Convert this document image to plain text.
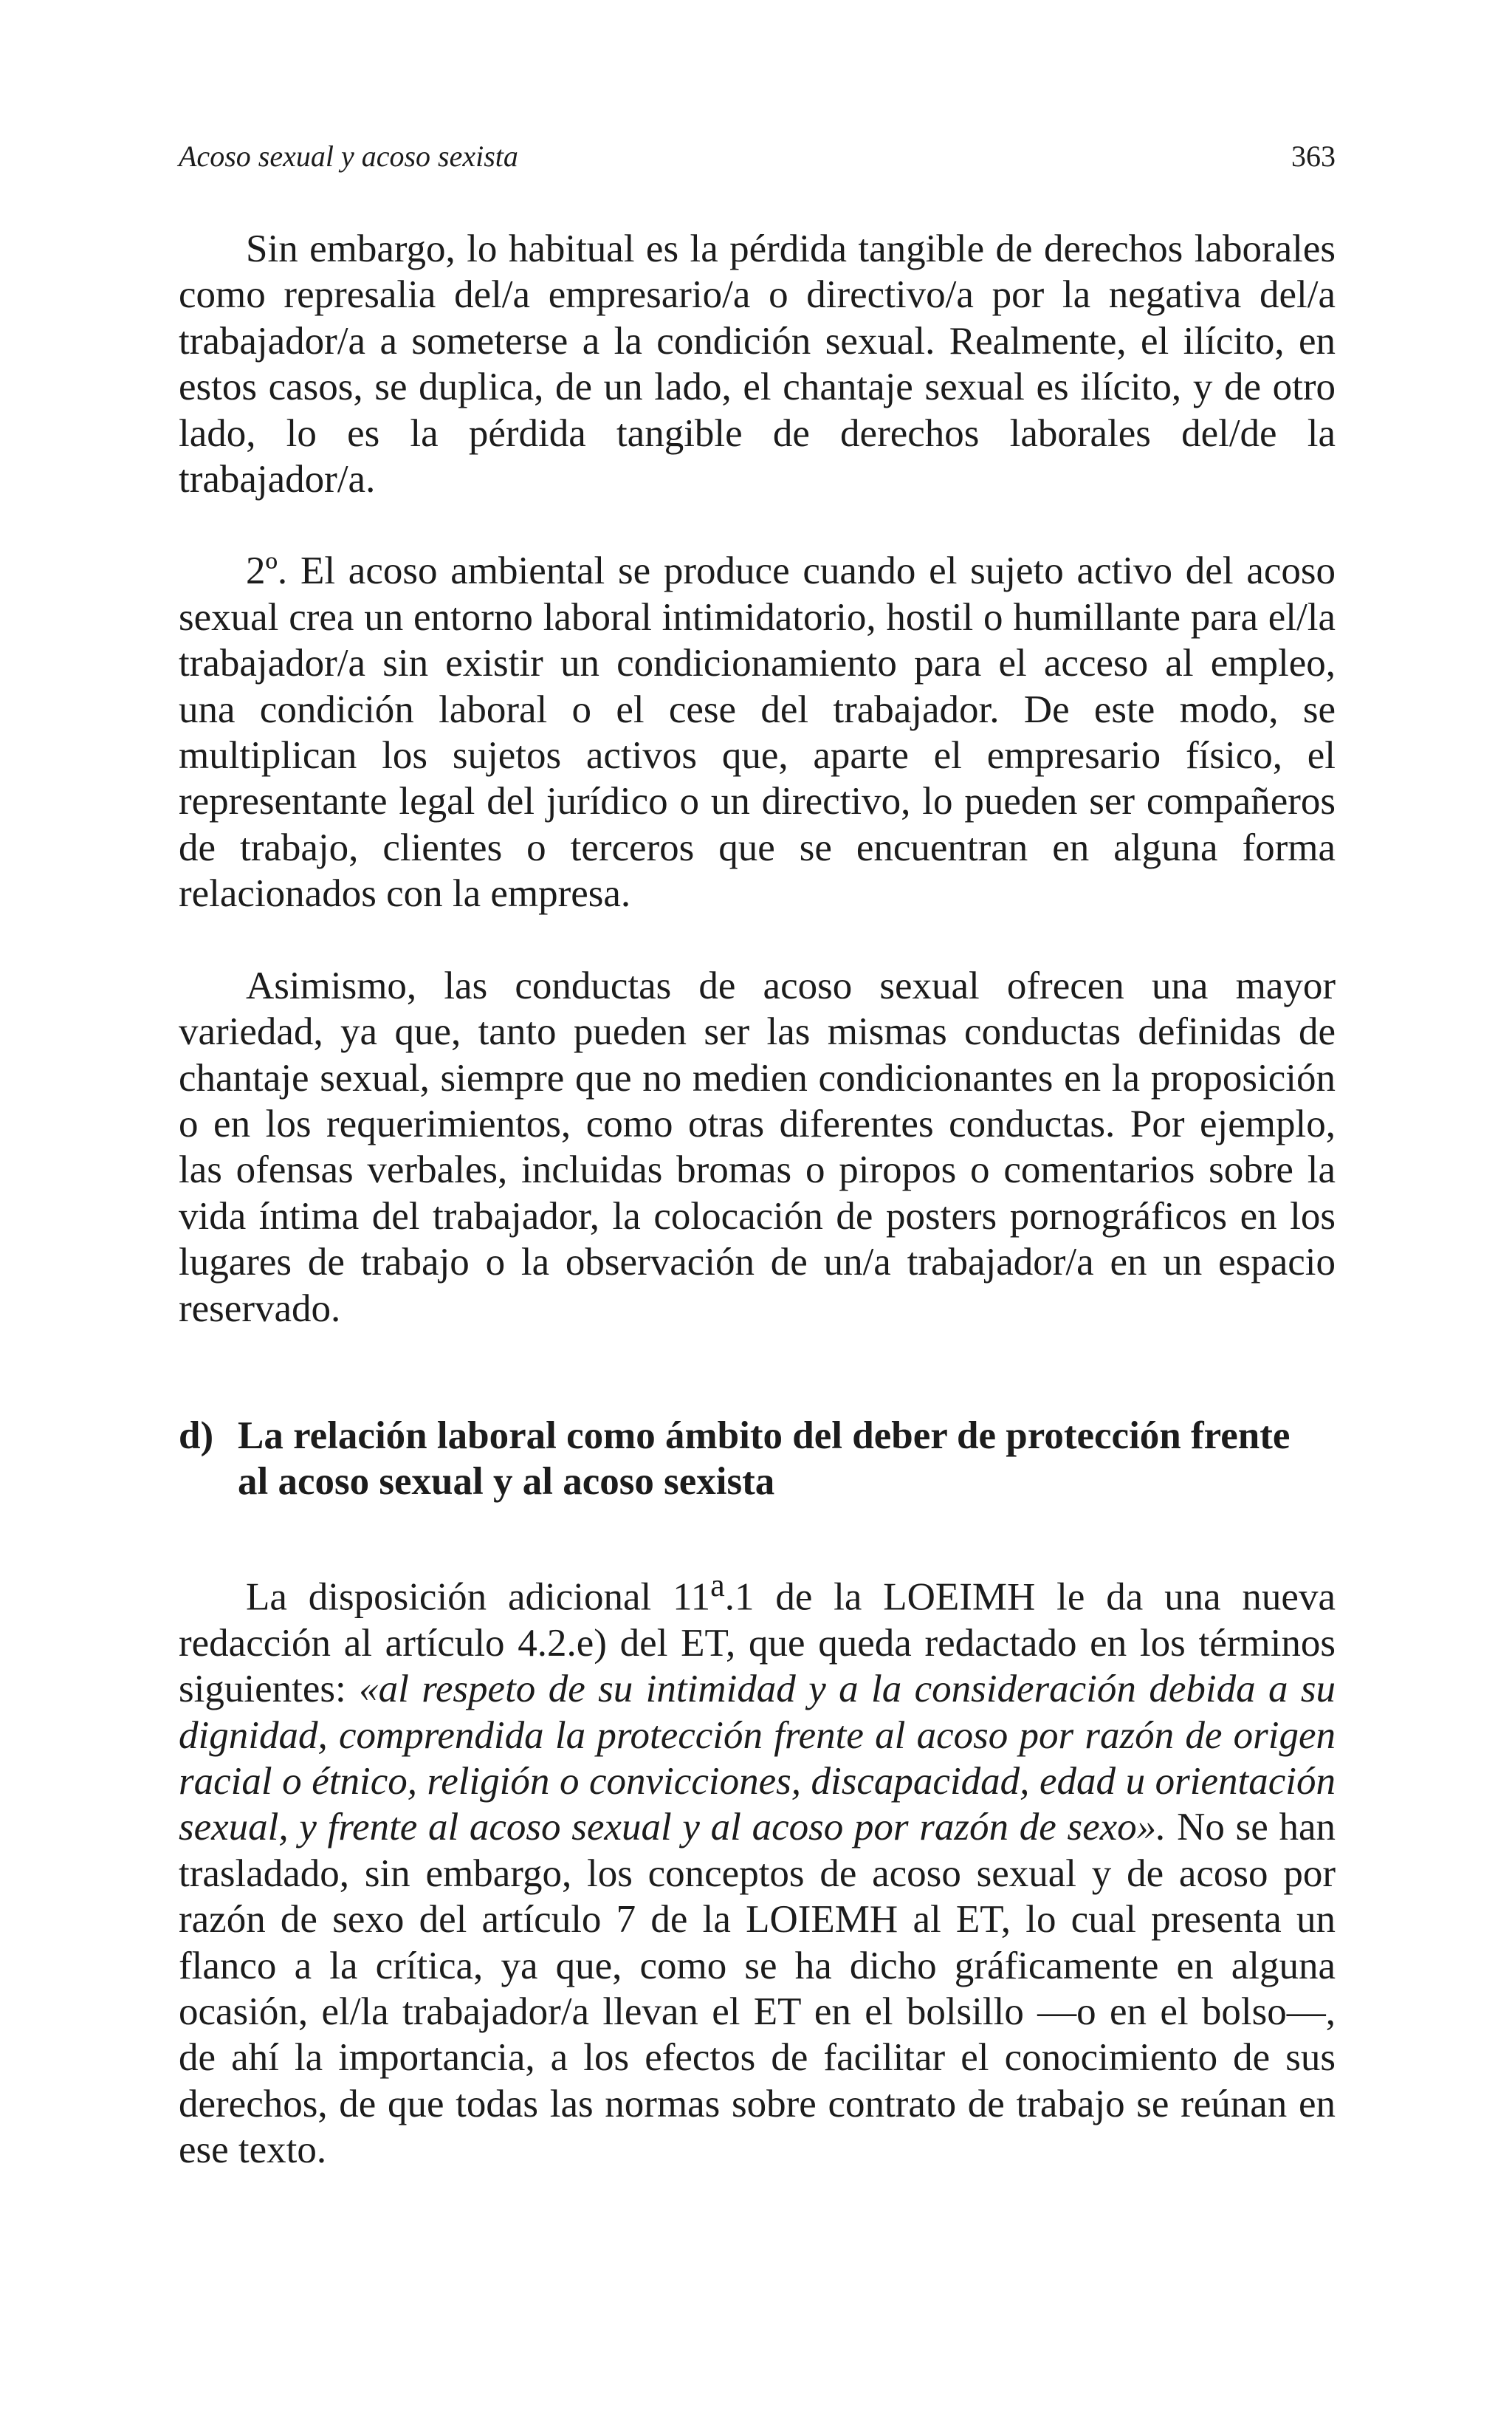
Acoso sexual y acoso sexista	363

Sin embargo, lo habitual es la pérdida tangible de derechos laborales como represalia del/a empresario/a o directivo/a por la negativa del/a trabajador/a a someterse a la condición sexual. Realmente, el ilícito, en estos casos, se duplica, de un lado, el chantaje sexual es ilícito, y de otro lado, lo es la pérdida tangible de derechos laborales del/de la trabajador/a.

2º. El acoso ambiental se produce cuando el sujeto activo del acoso sexual crea un entorno laboral intimidatorio, hostil o humillante para el/la trabajador/a sin existir un condicionamiento para el acceso al empleo, una condición laboral o el cese del trabajador. De este modo, se multiplican los sujetos activos que, aparte el empresario físico, el representante legal del jurídico o un directivo, lo pueden ser compañeros de trabajo, clientes o terceros que se encuentran en alguna forma relacionados con la empresa.

Asimismo, las conductas de acoso sexual ofrecen una mayor variedad, ya que, tanto pueden ser las mismas conductas definidas de chantaje sexual, siempre que no medien condicionantes en la proposición o en los requerimientos, como otras diferentes conductas. Por ejemplo, las ofensas verbales, incluidas bromas o piropos o comentarios sobre la vida íntima del trabajador, la colocación de posters pornográficos en los lugares de trabajo o la observación de un/a trabajador/a en un espacio reservado.

d) La relación laboral como ámbito del deber de protección frente al acoso sexual y al acoso sexista

La disposición adicional 11$^a$.1 de la LOEIMH le da una nueva redacción al artículo 4.2.e) del ET, que queda redactado en los términos siguientes: «al respeto de su intimidad y a la consideración debida a su dignidad, comprendida la protección frente al acoso por razón de origen racial o étnico, religión o convicciones, discapacidad, edad u orientación sexual, y frente al acoso sexual y al acoso por razón de sexo». No se han trasladado, sin embargo, los conceptos de acoso sexual y de acoso por razón de sexo del artículo 7 de la LOIEMH al ET, lo cual presenta un flanco a la crítica, ya que, como se ha dicho gráficamente en alguna ocasión, el/la trabajador/a llevan el ET en el bolsillo —o en el bolso—, de ahí la importancia, a los efectos de facilitar el conocimiento de sus derechos, de que todas las normas sobre contrato de trabajo se reúnan en ese texto.
